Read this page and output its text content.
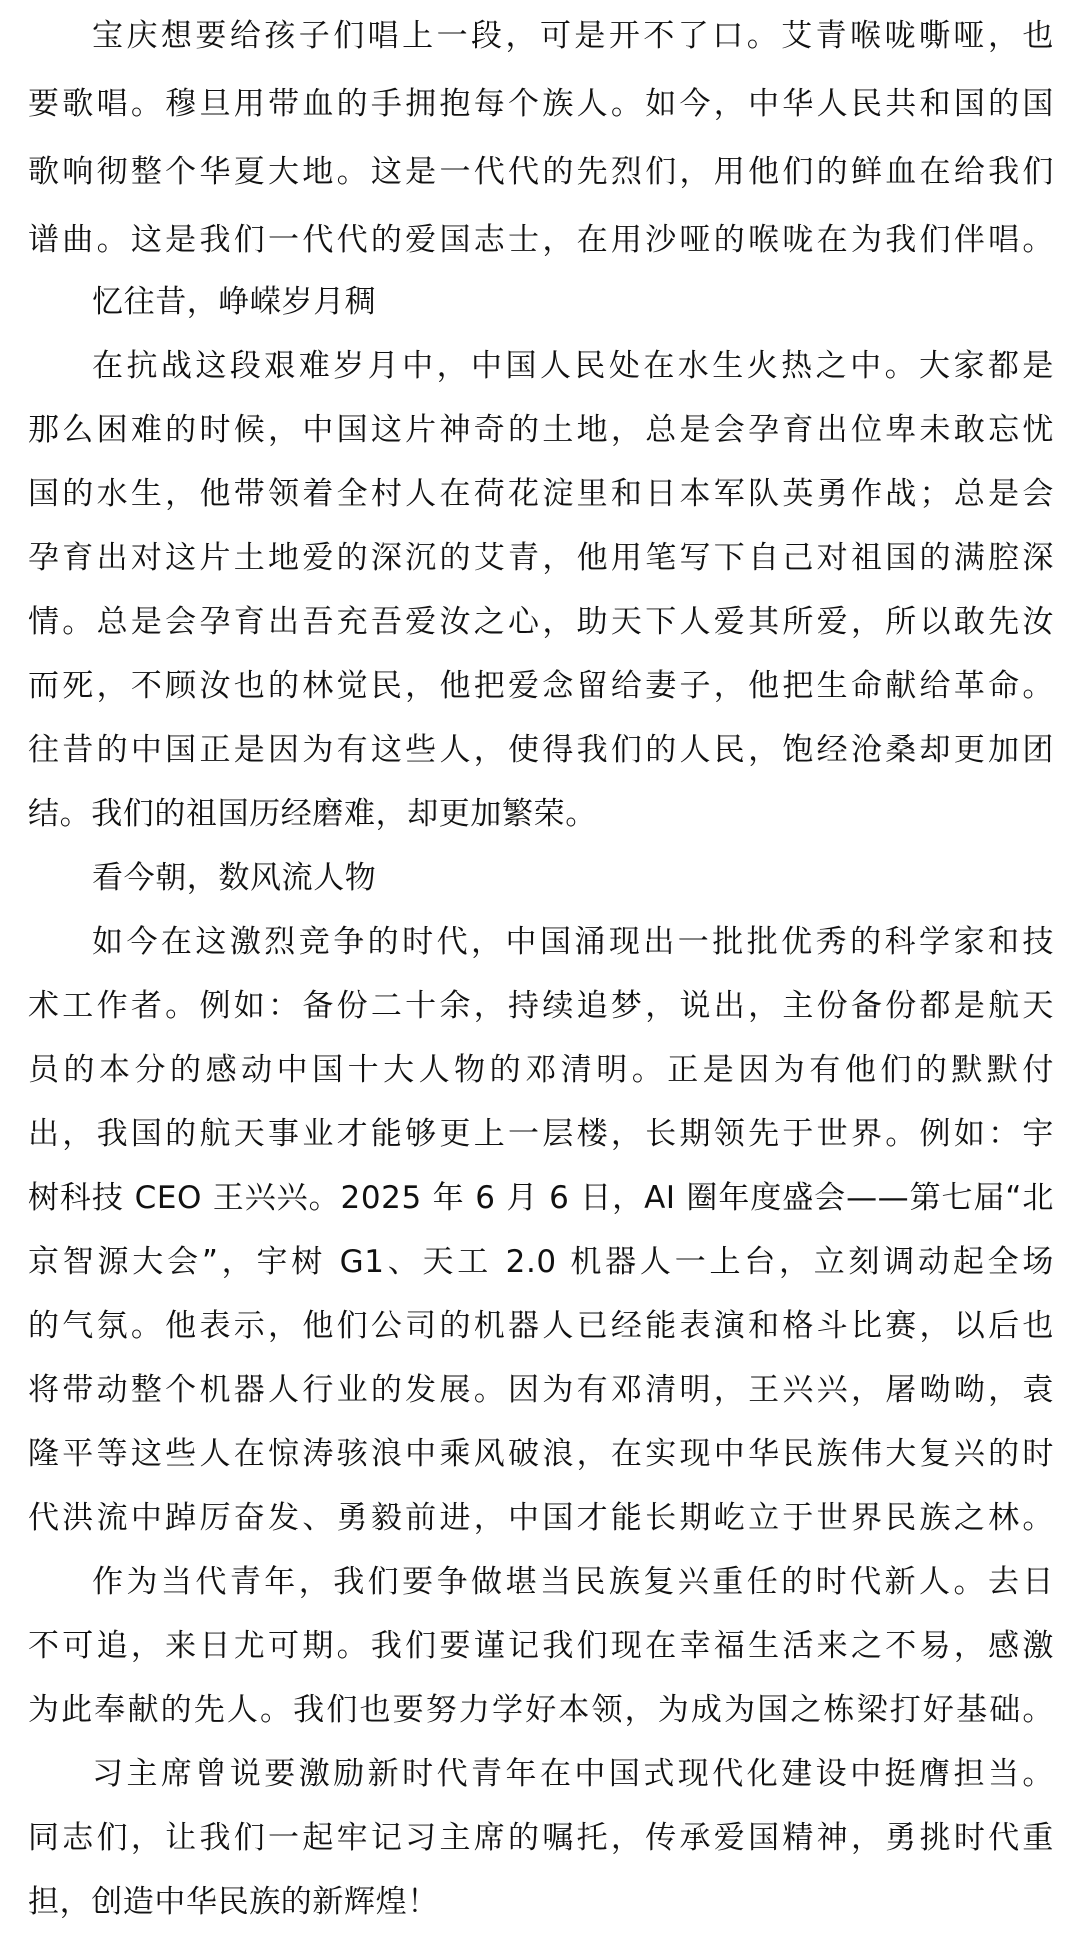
宝庆想要给孩子们唱上一段，可是开不了口。艾青喉咙嘶哑，也
要歌唱。穆旦用带血的手拥抱每个族人。如今，中华人民共和国的国
歌响彻整个华夏大地。这是一代代的先烈们，用他们的鲜血在给我们
谱曲。这是我们一代代的爱国志士，在用沙哑的喉咙在为我们伴唱。
忆往昔，峥嵘岁月稠
在抗战这段艰难岁月中，中国人民处在水生火热之中。大家都是
那么困难的时候，中国这片神奇的土地，总是会孕育出位卑未敢忘忧
国的水生，他带领着全村人在荷花淀里和日本军队英勇作战；总是会
孕育出对这片土地爱的深沉的艾青，他用笔写下自己对祖国的满腔深
情。总是会孕育出吾充吾爱汝之心，助天下人爱其所爱，所以敢先汝
而死，不顾汝也的林觉民，他把爱念留给妻子，他把生命献给革命。
往昔的中国正是因为有这些人，使得我们的人民，饱经沧桑却更加团
结。我们的祖国历经磨难，却更加繁荣。
看今朝，数风流人物
如今在这激烈竞争的时代，中国涌现出一批批优秀的科学家和技
术工作者。例如：备份二十余，持续追梦，说出，主份备份都是航天
员的本分的感动中国十大人物的邓清明。正是因为有他们的默默付
出，我国的航天事业才能够更上一层楼，长期领先于世界。例如：宇
树科技 CEO 王兴兴。2025 年 6 月 6 日，AI 圈年度盛会——第七届“北
京智源大会”，宇树 G1、天工 2.0 机器人一上台，立刻调动起全场
的气氛。他表示，他们公司的机器人已经能表演和格斗比赛，以后也
将带动整个机器人行业的发展。因为有邓清明，王兴兴，屠呦呦，袁
隆平等这些人在惊涛骇浪中乘风破浪，在实现中华民族伟大复兴的时
代洪流中踔厉奋发、勇毅前进，中国才能长期屹立于世界民族之林。
作为当代青年，我们要争做堪当民族复兴重任的时代新人。去日
不可追，来日尤可期。我们要谨记我们现在幸福生活来之不易，感激
为此奉献的先人。我们也要努力学好本领，为成为国之栋梁打好基础。
习主席曾说要激励新时代青年在中国式现代化建设中挺膺担当。
同志们，让我们一起牢记习主席的嘱托，传承爱国精神，勇挑时代重
担，创造中华民族的新辉煌！
